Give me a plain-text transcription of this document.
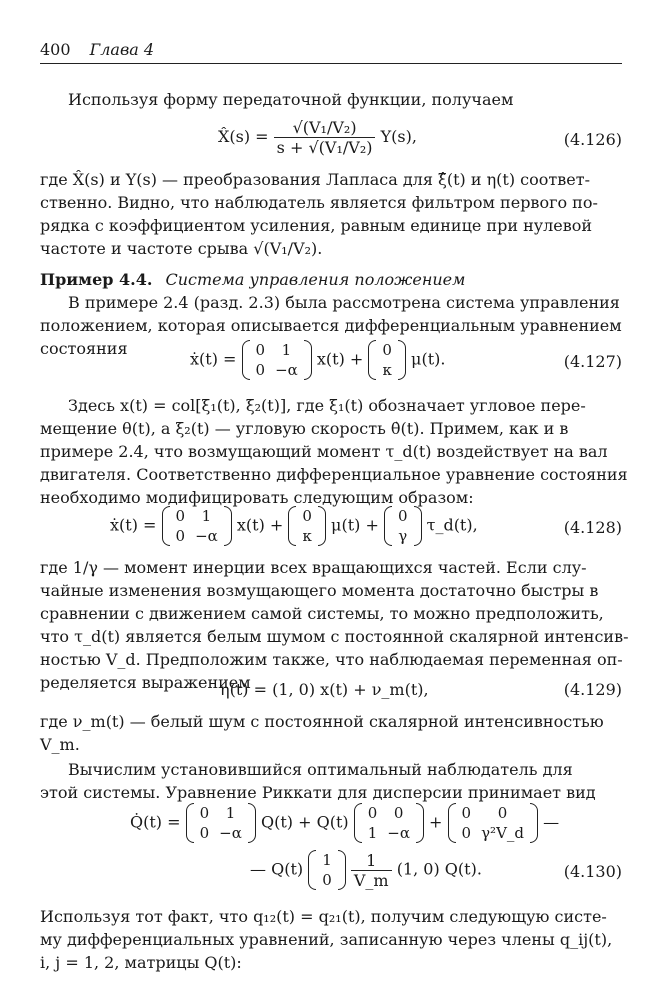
400 Глава 4
Используя форму передаточной функции, получаем
X̂(s) = $\frac{\text{√(V₁/V₂)}}{\text{s + √(V₁/V₂)}} Y(s)$,	(4.126)
где X̂(s) и Y(s) — преобразования Лапласа для ξ̂(t) и η(t) соответ-
ственно. Видно, что наблюдатель является фильтром первого по-
рядка с коэффициентом усиления, равным единице при нулевой
частоте и частоте срыва √(V₁/V₂).
Пример 4.4. Система управления положением
В примере 2.4 (разд. 2.3) была рассмотрена система управления
положением, которая описывается дифференциальным уравнением
состояния
ẋ(t) = 0	1
0	−α
x(t) + 0
κ
μ(t).	(4.127)
Здесь x(t) = col[ξ₁(t), ξ₂(t)], где ξ₁(t) обозначает угловое пере-
мещение θ(t), а ξ₂(t) — угловую скорость θ̇(t). Примем, как и в
примере 2.4, что возмущающий момент τ_d(t) воздействует на вал
двигателя. Соответственно дифференциальное уравнение состояния
необходимо модифицировать следующим образом:
ẋ(t) = 0	1
0	−α
x(t) + 0
κ
μ(t) + 0
γ
τ_d(t),	(4.128)
где 1/γ — момент инерции всех вращающихся частей. Если слу-
чайные изменения возмущающего момента достаточно быстры в
сравнении с движением самой системы, то можно предположить,
что τ_d(t) является белым шумом с постоянной скалярной интенсив-
ностью V_d. Предположим также, что наблюдаемая переменная оп-
ределяется выражением
η(t) = (1, 0) x(t) + ν_m(t),	(4.129)
где ν_m(t) — белый шум с постоянной скалярной интенсивностью
V_m.
Вычислим установившийся оптимальный наблюдатель для
этой системы. Уравнение Риккати для дисперсии принимает вид
Q̇(t) = 0	1
0	−α
Q(t) + Q(t) 0	0
1	−α
+ 0	0
0	γ²V_d
—
— Q(t) 1
0
$\frac{1}{V\_m} (1$, 0) Q(t).	(4.130)
Используя тот факт, что q₁₂(t) = q₂₁(t), получим следующую систе-
му дифференциальных уравнений, записанную через члены q_ij(t),
i, j = 1, 2, матрицы Q(t):
